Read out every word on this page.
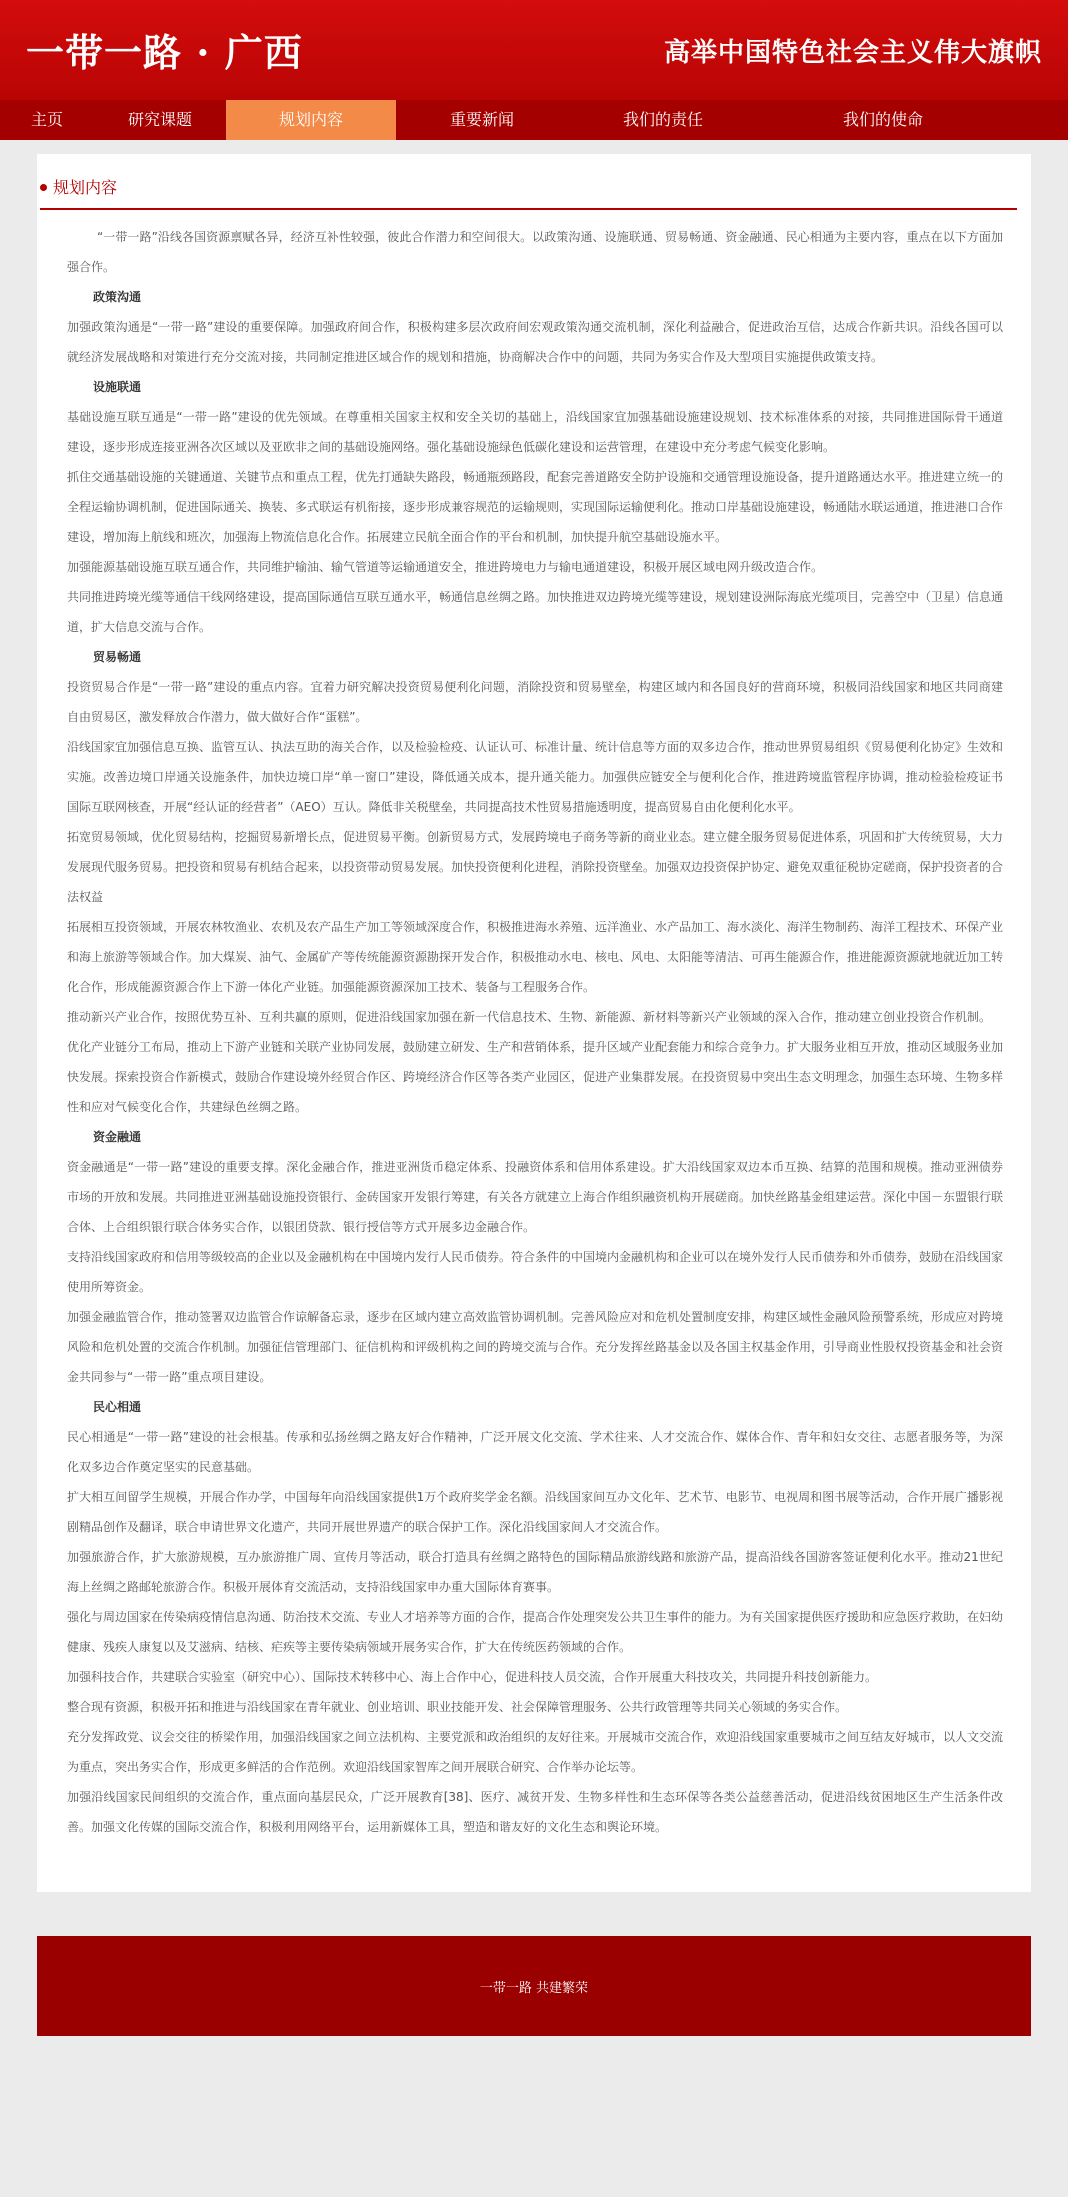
一带一路 · 广西	高举中国特色社会主义伟大旗帜
主页	研究课题	规划内容	重要新闻	我们的责任	我们的使命
规划内容

“一带一路”沿线各国资源禀赋各异，经济互补性较强，彼此合作潜力和空间很大。以政策沟通、设施联通、贸易畅通、资金融通、民心相通为主要内容，重点在以下方面加强合作。

政策沟通

加强政策沟通是“一带一路”建设的重要保障。加强政府间合作，积极构建多层次政府间宏观政策沟通交流机制，深化利益融合，促进政治互信，达成合作新共识。沿线各国可以就经济发展战略和对策进行充分交流对接，共同制定推进区域合作的规划和措施，协商解决合作中的问题，共同为务实合作及大型项目实施提供政策支持。

设施联通

基础设施互联互通是“一带一路”建设的优先领域。在尊重相关国家主权和安全关切的基础上，沿线国家宜加强基础设施建设规划、技术标准体系的对接，共同推进国际骨干通道建设，逐步形成连接亚洲各次区域以及亚欧非之间的基础设施网络。强化基础设施绿色低碳化建设和运营管理，在建设中充分考虑气候变化影响。

抓住交通基础设施的关键通道、关键节点和重点工程，优先打通缺失路段，畅通瓶颈路段，配套完善道路安全防护设施和交通管理设施设备，提升道路通达水平。推进建立统一的全程运输协调机制，促进国际通关、换装、多式联运有机衔接，逐步形成兼容规范的运输规则，实现国际运输便利化。推动口岸基础设施建设，畅通陆水联运通道，推进港口合作建设，增加海上航线和班次，加强海上物流信息化合作。拓展建立民航全面合作的平台和机制，加快提升航空基础设施水平。

加强能源基础设施互联互通合作，共同维护输油、输气管道等运输通道安全，推进跨境电力与输电通道建设，积极开展区域电网升级改造合作。

共同推进跨境光缆等通信干线网络建设，提高国际通信互联互通水平，畅通信息丝绸之路。加快推进双边跨境光缆等建设，规划建设洲际海底光缆项目，完善空中（卫星）信息通道，扩大信息交流与合作。

贸易畅通

投资贸易合作是“一带一路”建设的重点内容。宜着力研究解决投资贸易便利化问题，消除投资和贸易壁垒，构建区域内和各国良好的营商环境，积极同沿线国家和地区共同商建自由贸易区，激发释放合作潜力，做大做好合作“蛋糕”。

沿线国家宜加强信息互换、监管互认、执法互助的海关合作，以及检验检疫、认证认可、标准计量、统计信息等方面的双多边合作，推动世界贸易组织《贸易便利化协定》生效和实施。改善边境口岸通关设施条件，加快边境口岸“单一窗口”建设，降低通关成本，提升通关能力。加强供应链安全与便利化合作，推进跨境监管程序协调，推动检验检疫证书国际互联网核查，开展“经认证的经营者”（AEO）互认。降低非关税壁垒，共同提高技术性贸易措施透明度，提高贸易自由化便利化水平。

拓宽贸易领域，优化贸易结构，挖掘贸易新增长点，促进贸易平衡。创新贸易方式，发展跨境电子商务等新的商业业态。建立健全服务贸易促进体系，巩固和扩大传统贸易，大力发展现代服务贸易。把投资和贸易有机结合起来，以投资带动贸易发展。加快投资便利化进程，消除投资壁垒。加强双边投资保护协定、避免双重征税协定磋商，保护投资者的合法权益

拓展相互投资领域，开展农林牧渔业、农机及农产品生产加工等领域深度合作，积极推进海水养殖、远洋渔业、水产品加工、海水淡化、海洋生物制药、海洋工程技术、环保产业和海上旅游等领域合作。加大煤炭、油气、金属矿产等传统能源资源勘探开发合作，积极推动水电、核电、风电、太阳能等清洁、可再生能源合作，推进能源资源就地就近加工转化合作，形成能源资源合作上下游一体化产业链。加强能源资源深加工技术、装备与工程服务合作。

推动新兴产业合作，按照优势互补、互利共赢的原则，促进沿线国家加强在新一代信息技术、生物、新能源、新材料等新兴产业领域的深入合作，推动建立创业投资合作机制。

优化产业链分工布局，推动上下游产业链和关联产业协同发展，鼓励建立研发、生产和营销体系，提升区域产业配套能力和综合竞争力。扩大服务业相互开放，推动区域服务业加快发展。探索投资合作新模式，鼓励合作建设境外经贸合作区、跨境经济合作区等各类产业园区，促进产业集群发展。在投资贸易中突出生态文明理念，加强生态环境、生物多样性和应对气候变化合作，共建绿色丝绸之路。

资金融通

资金融通是“一带一路”建设的重要支撑。深化金融合作，推进亚洲货币稳定体系、投融资体系和信用体系建设。扩大沿线国家双边本币互换、结算的范围和规模。推动亚洲债券市场的开放和发展。共同推进亚洲基础设施投资银行、金砖国家开发银行筹建，有关各方就建立上海合作组织融资机构开展磋商。加快丝路基金组建运营。深化中国－东盟银行联合体、上合组织银行联合体务实合作，以银团贷款、银行授信等方式开展多边金融合作。

支持沿线国家政府和信用等级较高的企业以及金融机构在中国境内发行人民币债券。符合条件的中国境内金融机构和企业可以在境外发行人民币债券和外币债券，鼓励在沿线国家使用所筹资金。

加强金融监管合作，推动签署双边监管合作谅解备忘录，逐步在区域内建立高效监管协调机制。完善风险应对和危机处置制度安排，构建区域性金融风险预警系统，形成应对跨境风险和危机处置的交流合作机制。加强征信管理部门、征信机构和评级机构之间的跨境交流与合作。充分发挥丝路基金以及各国主权基金作用，引导商业性股权投资基金和社会资金共同参与“一带一路”重点项目建设。

民心相通

民心相通是“一带一路”建设的社会根基。传承和弘扬丝绸之路友好合作精神，广泛开展文化交流、学术往来、人才交流合作、媒体合作、青年和妇女交往、志愿者服务等，为深化双多边合作奠定坚实的民意基础。

扩大相互间留学生规模，开展合作办学，中国每年向沿线国家提供1万个政府奖学金名额。沿线国家间互办文化年、艺术节、电影节、电视周和图书展等活动，合作开展广播影视剧精品创作及翻译，联合申请世界文化遗产，共同开展世界遗产的联合保护工作。深化沿线国家间人才交流合作。

加强旅游合作，扩大旅游规模，互办旅游推广周、宣传月等活动，联合打造具有丝绸之路特色的国际精品旅游线路和旅游产品，提高沿线各国游客签证便利化水平。推动21世纪海上丝绸之路邮轮旅游合作。积极开展体育交流活动，支持沿线国家申办重大国际体育赛事。

强化与周边国家在传染病疫情信息沟通、防治技术交流、专业人才培养等方面的合作，提高合作处理突发公共卫生事件的能力。为有关国家提供医疗援助和应急医疗救助，在妇幼健康、残疾人康复以及艾滋病、结核、疟疾等主要传染病领域开展务实合作，扩大在传统医药领域的合作。

加强科技合作，共建联合实验室（研究中心）、国际技术转移中心、海上合作中心，促进科技人员交流，合作开展重大科技攻关，共同提升科技创新能力。

整合现有资源，积极开拓和推进与沿线国家在青年就业、创业培训、职业技能开发、社会保障管理服务、公共行政管理等共同关心领域的务实合作。

充分发挥政党、议会交往的桥梁作用，加强沿线国家之间立法机构、主要党派和政治组织的友好往来。开展城市交流合作，欢迎沿线国家重要城市之间互结友好城市，以人文交流为重点，突出务实合作，形成更多鲜活的合作范例。欢迎沿线国家智库之间开展联合研究、合作举办论坛等。

加强沿线国家民间组织的交流合作，重点面向基层民众，广泛开展教育[38]、医疗、减贫开发、生物多样性和生态环保等各类公益慈善活动，促进沿线贫困地区生产生活条件改善。加强文化传媒的国际交流合作，积极利用网络平台，运用新媒体工具，塑造和谐友好的文化生态和舆论环境。

一带一路 共建繁荣
